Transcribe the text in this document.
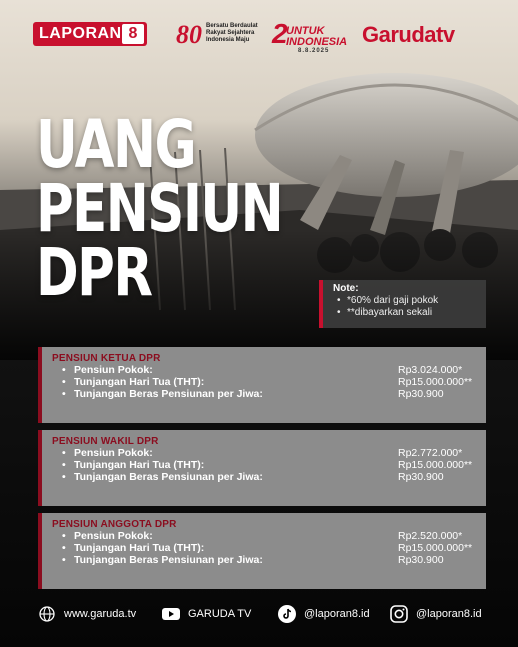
LAPORAN 8 80 Bersatu Berdaulat Rakyat Sejahtera Indonesia Maju 2
UNTUK INDONESIA
8.8.2025
Garudatv
UANG
PENSIUN
DPR	Note:
• *60% dari gaji pokok
• **dibayarkan sekali
PENSIUN KETUA DPR
• Pensiun Pokok:	Rp3.024.000*
• Tunjangan Hari Tua (THT):	Rp15.000.000**
• Tunjangan Beras Pensiunan per Jiwa:	Rp30.900
PENSIUN WAKIL DPR
• Pensiun Pokok:	Rp2.772.000*
• Tunjangan Hari Tua (THT):	Rp15.000.000**
• Tunjangan Beras Pensiunan per Jiwa:	Rp30.900
PENSIUN ANGGOTA DPR
• Pensiun Pokok:	Rp2.520.000*
• Tunjangan Hari Tua (THT):	Rp15.000.000**
• Tunjangan Beras Pensiunan per Jiwa:	Rp30.900
www.garuda.tv	GARUDA TV	@laporan8.id	@laporan8.id
